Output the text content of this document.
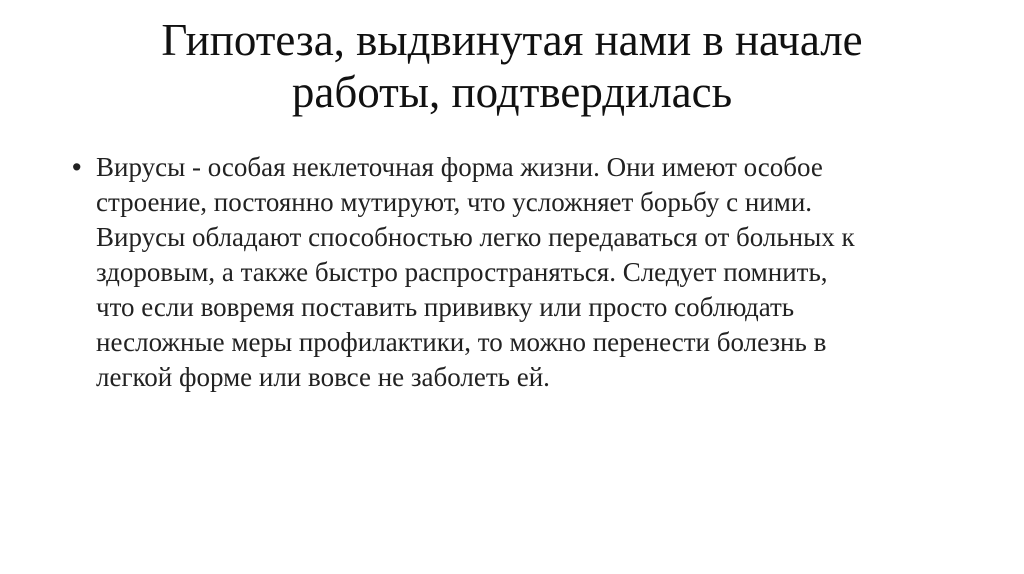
Гипотеза, выдвинутая нами в начале
работы, подтвердилась
• Вирусы - особая неклеточная форма жизни. Они имеют особое
строение, постоянно мутируют, что усложняет борьбу с ними.
Вирусы обладают способностью легко передаваться от больных к
здоровым, а также быстро распространяться. Следует помнить,
что если вовремя поставить прививку или просто соблюдать
несложные меры профилактики, то можно перенести болезнь в
легкой форме или вовсе не заболеть ей.
